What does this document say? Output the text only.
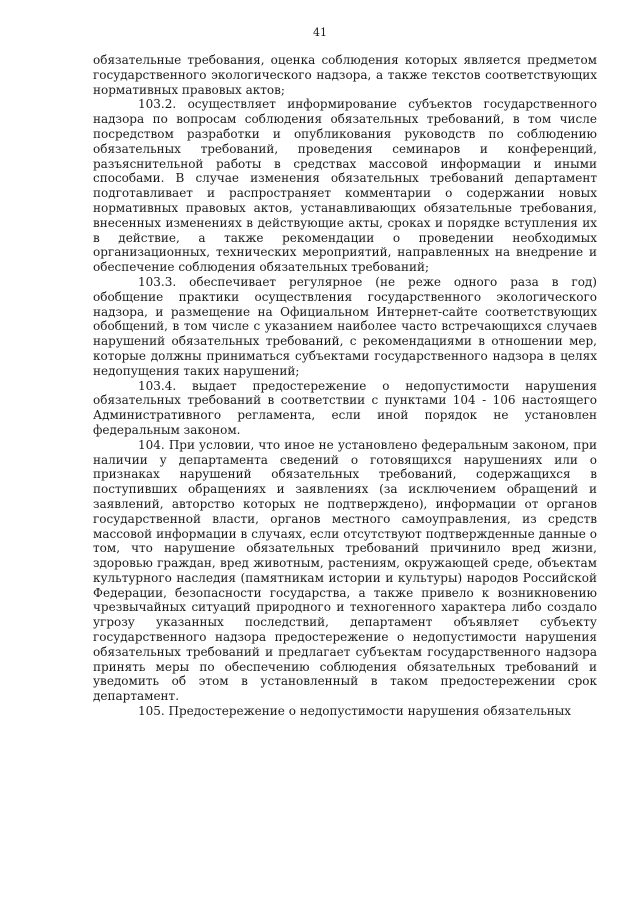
41

обязательные требования, оценка соблюдения которых является предметом государственного экологического надзора, а также текстов соответствующих нормативных правовых актов;

103.2. осуществляет информирование субъектов государственного надзора по вопросам соблюдения обязательных требований, в том числе посредством разработки и опубликования руководств по соблюдению обязательных требований, проведения семинаров и конференций, разъяснительной работы в средствах массовой информации и иными способами. В случае изменения обязательных требований департамент подготавливает и распространяет комментарии о содержании новых нормативных правовых актов, устанавливающих обязательные требования, внесенных изменениях в действующие акты, сроках и порядке вступления их в действие, а также рекомендации о проведении необходимых организационных, технических мероприятий, направленных на внедрение и обеспечение соблюдения обязательных требований;

103.3. обеспечивает регулярное (не реже одного раза в год) обобщение практики осуществления государственного экологического надзора, и размещение на Официальном Интернет-сайте соответствующих обобщений, в том числе с указанием наиболее часто встречающихся случаев нарушений обязательных требований, с рекомендациями в отношении мер, которые должны приниматься субъектами государственного надзора в целях недопущения таких нарушений;

103.4. выдает предостережение о недопустимости нарушения обязательных требований в соответствии с пунктами 104 - 106 настоящего Административного регламента, если иной порядок не установлен федеральным законом.

104. При условии, что иное не установлено федеральным законом, при наличии у департамента сведений о готовящихся нарушениях или о признаках нарушений обязательных требований, содержащихся в поступивших обращениях и заявлениях (за исключением обращений и заявлений, авторство которых не подтверждено), информации от органов государственной власти, органов местного самоуправления, из средств массовой информации в случаях, если отсутствуют подтвержденные данные о том, что нарушение обязательных требований причинило вред жизни, здоровью граждан, вред животным, растениям, окружающей среде, объектам культурного наследия (памятникам истории и культуры) народов Российской Федерации, безопасности государства, а также привело к возникновению чрезвычайных ситуаций природного и техногенного характера либо создало угрозу указанных последствий, департамент объявляет субъекту государственного надзора предостережение о недопустимости нарушения обязательных требований и предлагает субъектам государственного надзора принять меры по обеспечению соблюдения обязательных требований и уведомить об этом в установленный в таком предостережении срок департамент.

105. Предостережение о недопустимости нарушения обязательных
